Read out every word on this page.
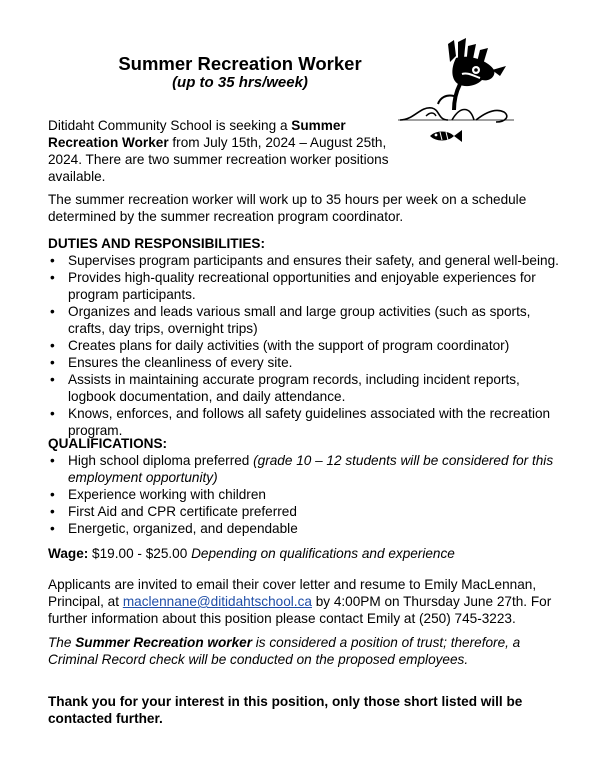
Summer Recreation Worker
(up to 35 hrs/week)

Ditidaht Community School is seeking a Summer Recreation Worker from July 15th, 2024 – August 25th, 2024. There are two summer recreation worker positions available.

The summer recreation worker will work up to 35 hours per week on a schedule determined by the summer recreation program coordinator.

DUTIES AND RESPONSIBILITIES:
• Supervises program participants and ensures their safety, and general well-being.
• Provides high-quality recreational opportunities and enjoyable experiences for program participants.
• Organizes and leads various small and large group activities (such as sports, crafts, day trips, overnight trips)
• Creates plans for daily activities (with the support of program coordinator)
• Ensures the cleanliness of every site.
• Assists in maintaining accurate program records, including incident reports, logbook documentation, and daily attendance.
• Knows, enforces, and follows all safety guidelines associated with the recreation program.
QUALIFICATIONS:
• High school diploma preferred (grade 10 – 12 students will be considered for this employment opportunity)
• Experience working with children
• First Aid and CPR certificate preferred
• Energetic, organized, and dependable

Wage: $19.00 - $25.00 Depending on qualifications and experience

Applicants are invited to email their cover letter and resume to Emily MacLennan, Principal, at maclennane@ditidahtschool.ca by 4:00PM on Thursday June 27th. For further information about this position please contact Emily at (250) 745-3223.

The Summer Recreation worker is considered a position of trust; therefore, a Criminal Record check will be conducted on the proposed employees.

Thank you for your interest in this position, only those short listed will be contacted further.
